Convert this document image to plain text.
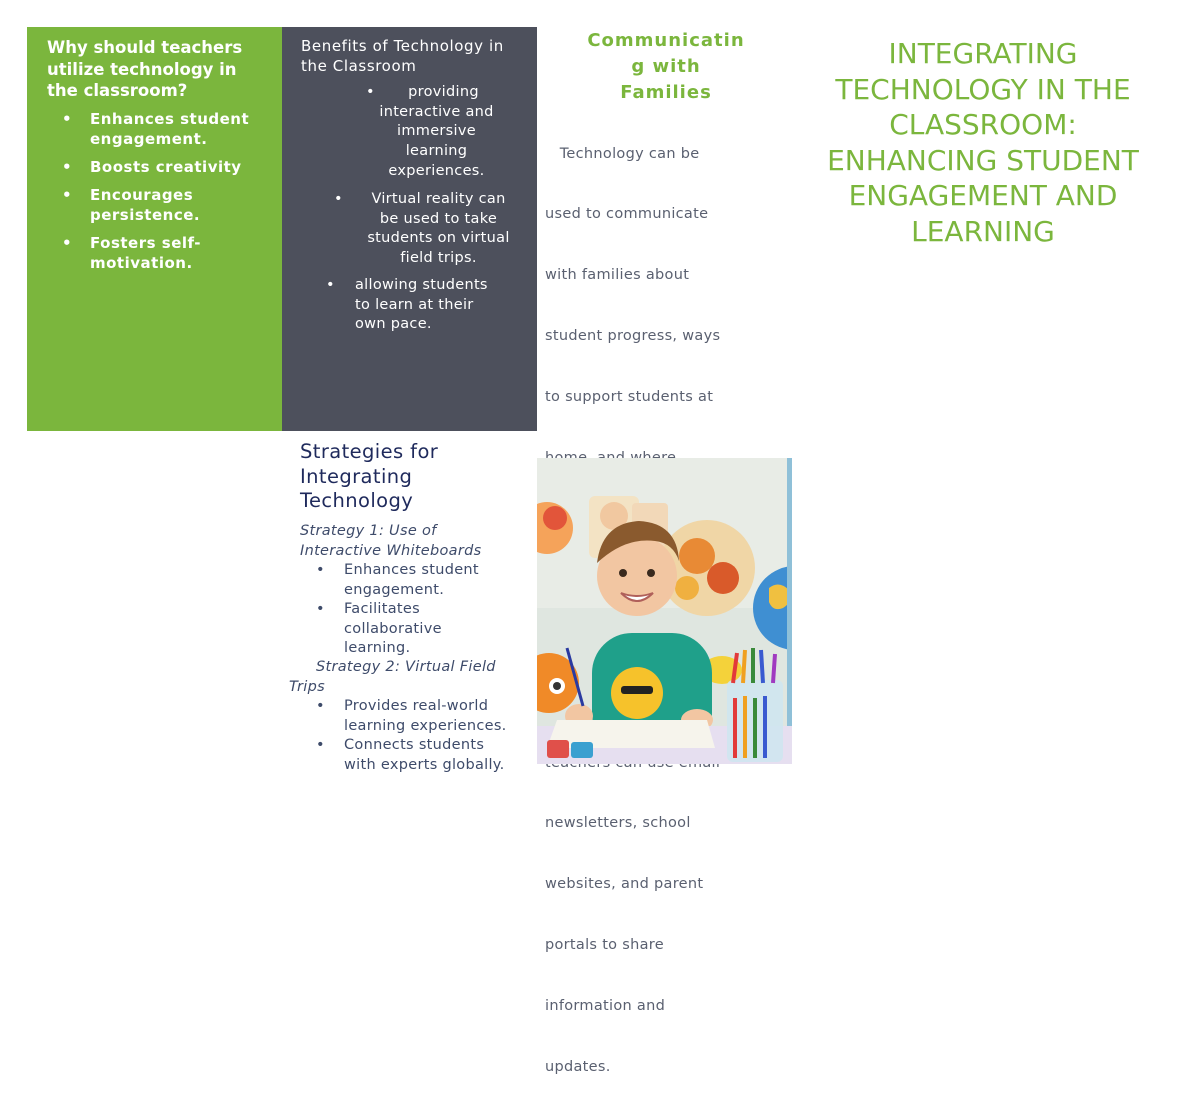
Why should teachers utilize technology in the classroom?
• Enhances student engagement.
• Boosts creativity
• Encourages persistence.
• Fosters self-motivation.
Benefits of Technology in the Classroom
•	providing
interactive and
immersive
learning
experiences.
•	Virtual reality can
be used to take
students on virtual
field trips.
•	allowing students
to learn at their
own pace.
Communicatin
g with
Families

Technology can be

used to communicate

with families about

student progress, ways

to support students at

newsletters, school

websites, and parent

portals to share

information and

updates.

INTEGRATING
TECHNOLOGY IN THE
CLASSROOM:
ENHANCING STUDENT
ENGAGEMENT AND
LEARNING
Strategies for
Integrating
Technology
Strategy 1: Use of
Interactive Whiteboards
• Enhances student
engagement.
• Facilitates
collaborative
learning.
Strategy 2: Virtual Field
Trips
• Provides real-world
learning experiences.
• Connects students
with experts globally.
